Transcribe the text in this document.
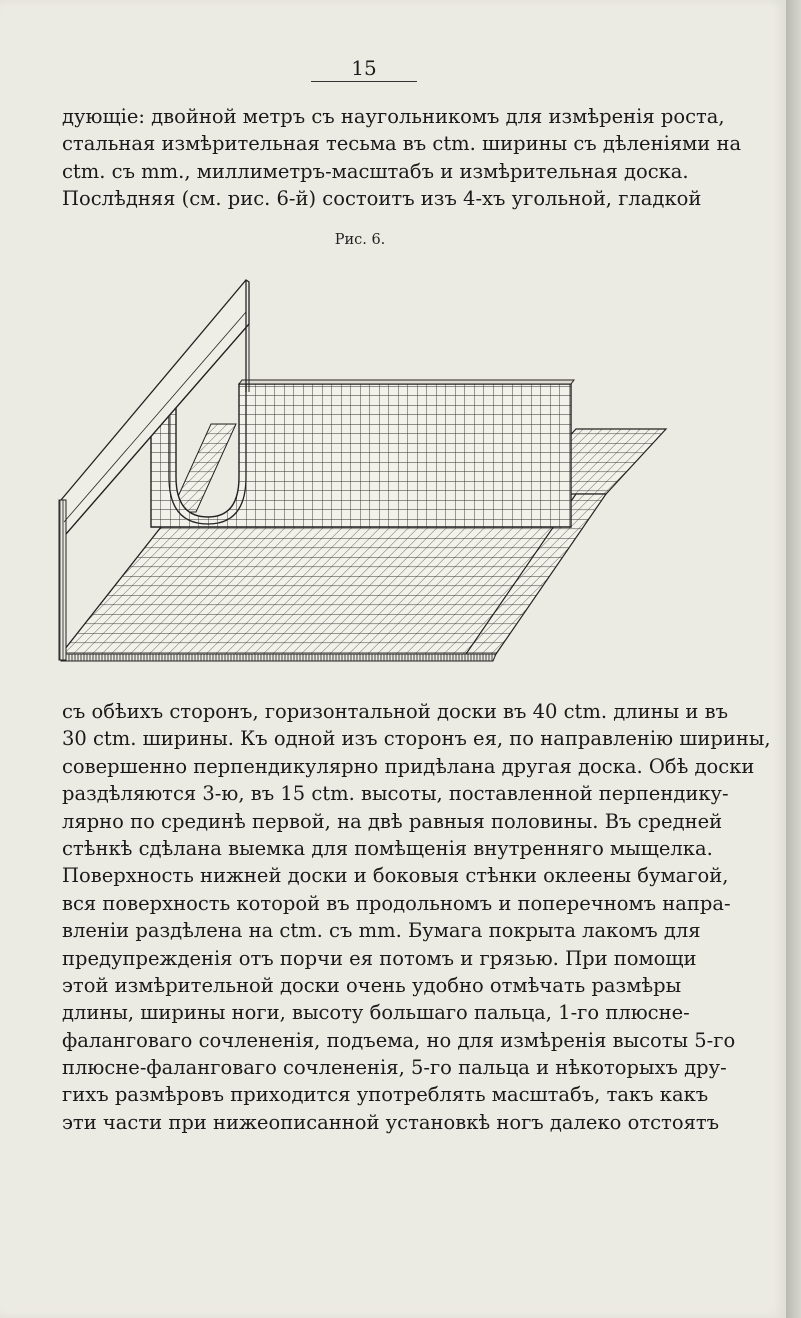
15
дующіе: двойной метръ съ наугольникомъ для измѣренія роста,
стальная измѣрительная тесьма въ ctm. ширины съ дѣленіями на
ctm. съ mm., миллиметръ-масштабъ и измѣрительная доска.
Послѣдняя (см. рис. 6-й) состоитъ изъ 4-хъ угольной, гладкой
Рис. 6.
съ обѣихъ сторонъ, горизонтальной доски въ 40 ctm. длины и въ
30 ctm. ширины. Къ одной изъ сторонъ ея, по направленію ширины,
совершенно перпендикулярно придѣлана другая доска. Обѣ доски
раздѣляются 3-ю, въ 15 ctm. высоты, поставленной перпендику-
лярно по срединѣ первой, на двѣ равныя половины. Въ средней
стѣнкѣ сдѣлана выемка для помѣщенія внутренняго мыщелка.
Поверхность нижней доски и боковыя стѣнки оклеены бумагой,
вся поверхность которой въ продольномъ и поперечномъ напра-
вленіи раздѣлена на ctm. съ mm. Бумага покрыта лакомъ для
предупрежденія отъ порчи ея потомъ и грязью. При помощи
этой измѣрительной доски очень удобно отмѣчать размѣры
длины, ширины ноги, высоту большаго пальца, 1-го плюсне-
фаланговаго сочлененія, подъема, но для измѣренія высоты 5-го
плюсне-фаланговаго сочлененія, 5-го пальца и нѣкоторыхъ дру-
гихъ размѣровъ приходится употреблять масштабъ, такъ какъ
эти части при нижеописанной установкѣ ногъ далеко отстоятъ
